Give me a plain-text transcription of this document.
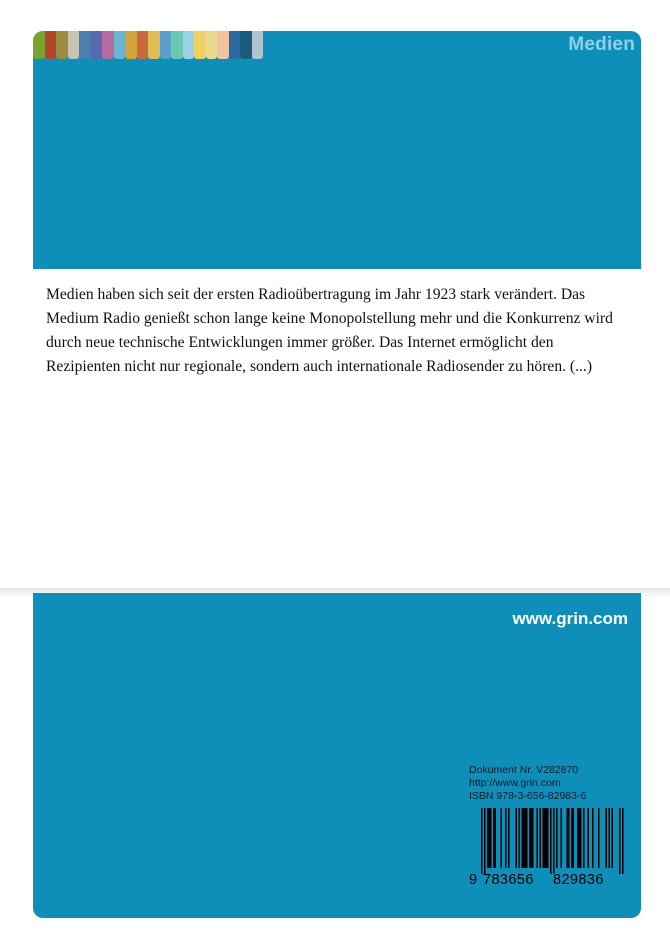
Medien

Medien haben sich seit der ersten Radioübertragung im Jahr 1923 stark verändert. Das Medium Radio genießt schon lange keine Monopolstellung mehr und die Konkurrenz wird durch neue technische Entwicklungen immer größer. Das Internet ermöglicht den Rezipienten nicht nur regionale, sondern auch internationale Radiosender zu hören. (...)

www.grin.com
Dokument Nr. V282870
http://www.grin.com
ISBN 978-3-656-82983-6
9 783656	829836
